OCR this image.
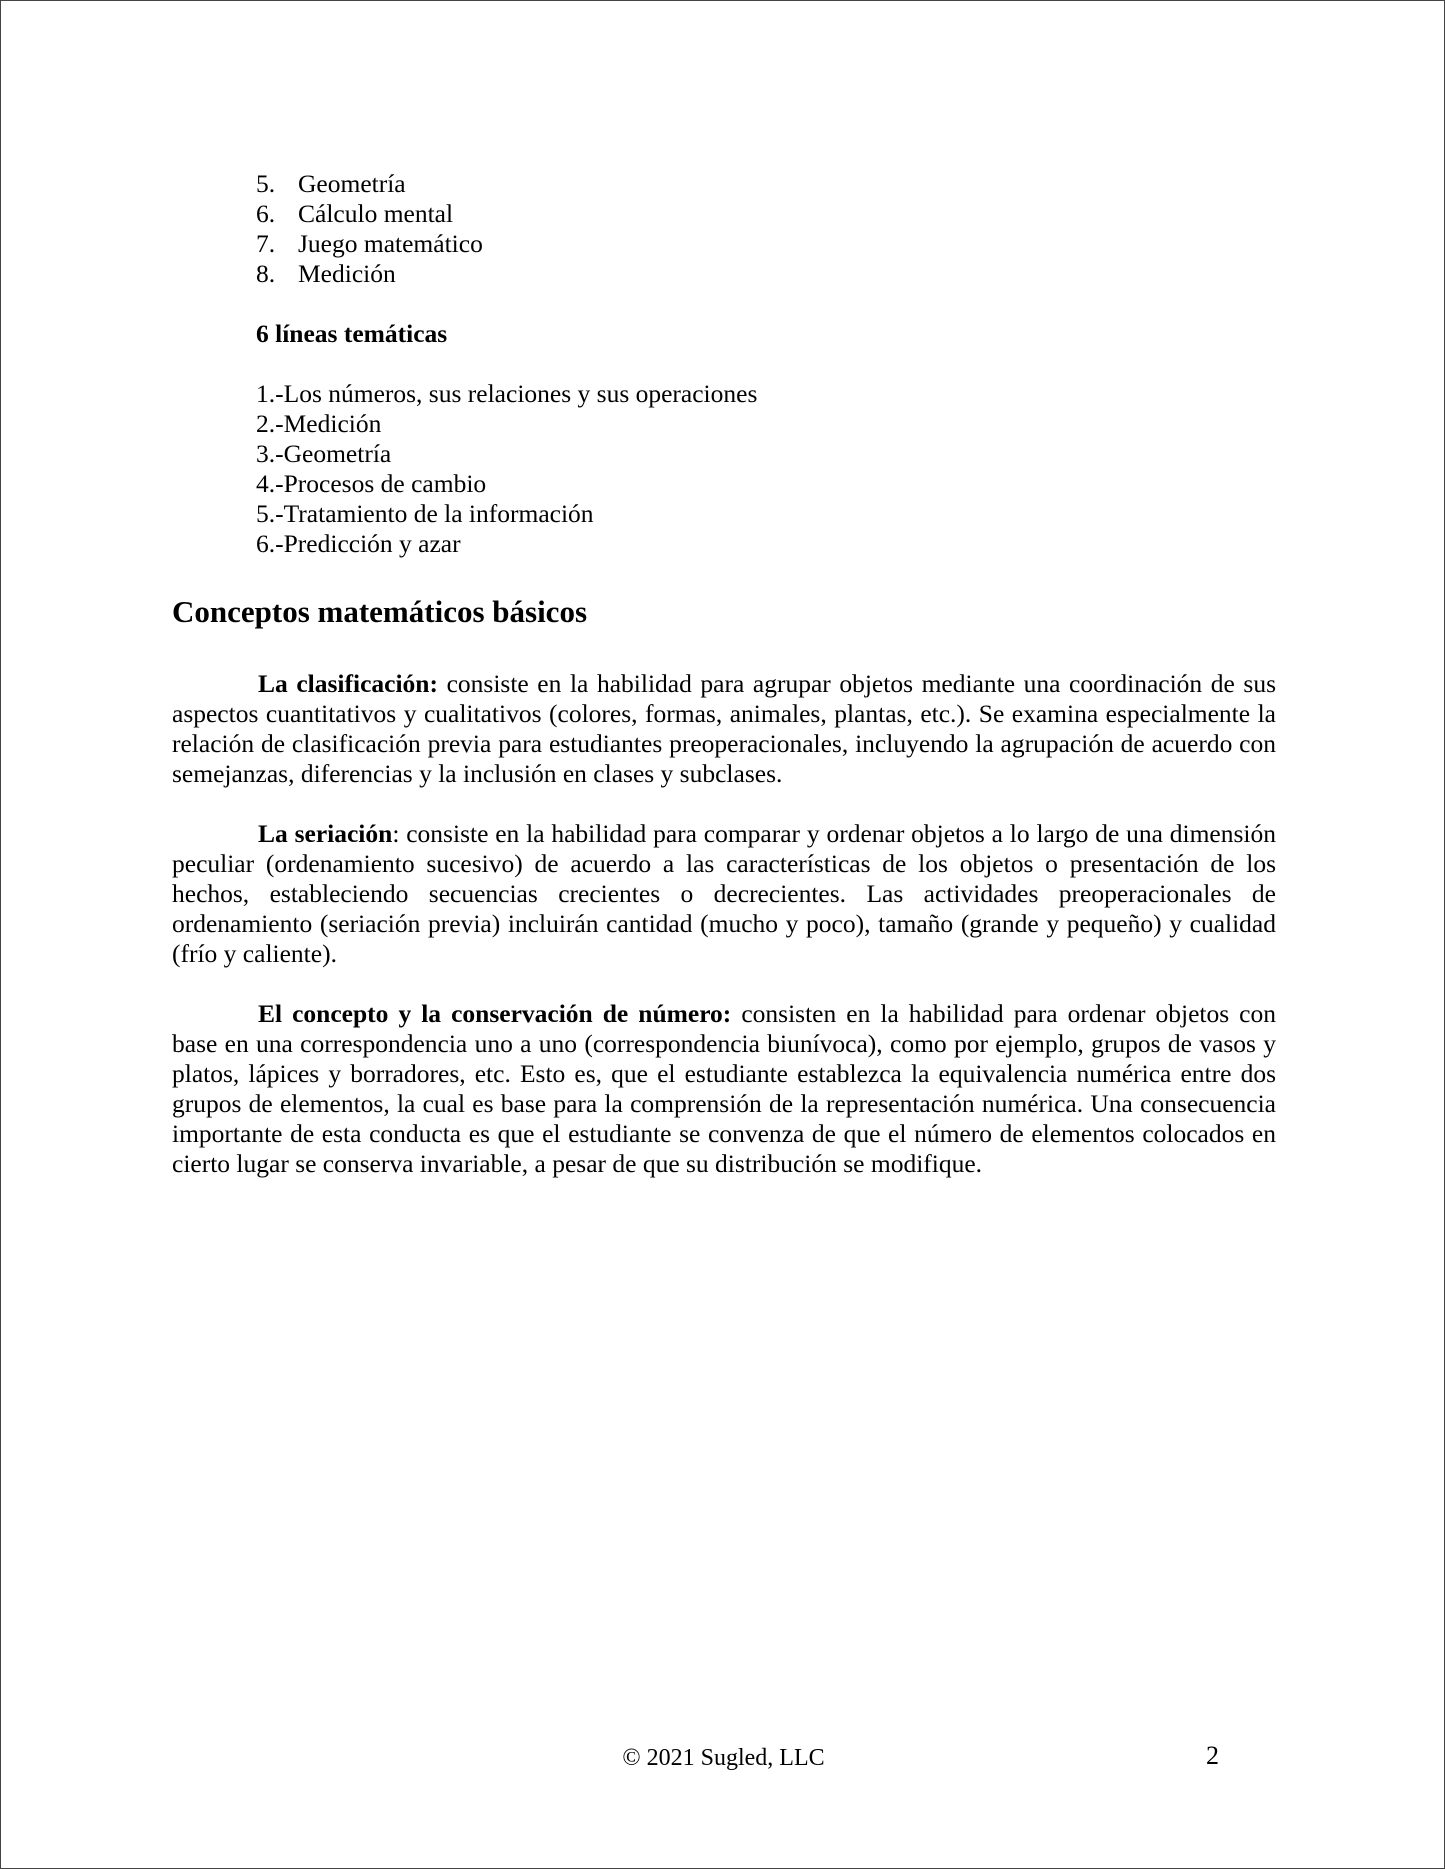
5. Geometría
6. Cálculo mental
7. Juego matemático
8. Medición
6 líneas temáticas
1.-Los números, sus relaciones y sus operaciones
2.-Medición
3.-Geometría
4.-Procesos de cambio
5.-Tratamiento de la información
6.-Predicción y azar
Conceptos matemáticos básicos

La clasificación: consiste en la habilidad para agrupar objetos mediante una coordinación de sus aspectos cuantitativos y cualitativos (colores, formas, animales, plantas, etc.). Se examina especialmente la relación de clasificación previa para estudiantes preoperacionales, incluyendo la agrupación de acuerdo con semejanzas, diferencias y la inclusión en clases y subclases.

La seriación: consiste en la habilidad para comparar y ordenar objetos a lo largo de una dimensión peculiar (ordenamiento sucesivo) de acuerdo a las características de los objetos o presentación de los hechos, estableciendo secuencias crecientes o decrecientes. Las actividades preoperacionales de ordenamiento (seriación previa) incluirán cantidad (mucho y poco), tamaño (grande y pequeño) y cualidad (frío y caliente).

El concepto y la conservación de número: consisten en la habilidad para ordenar objetos con base en una correspondencia uno a uno (correspondencia biunívoca), como por ejemplo, grupos de vasos y platos, lápices y borradores, etc. Esto es, que el estudiante establezca la equivalencia numérica entre dos grupos de elementos, la cual es base para la comprensión de la representación numérica. Una consecuencia importante de esta conducta es que el estudiante se convenza de que el número de elementos colocados en cierto lugar se conserva invariable, a pesar de que su distribución se modifique.

© 2021 Sugled, LLC	2
